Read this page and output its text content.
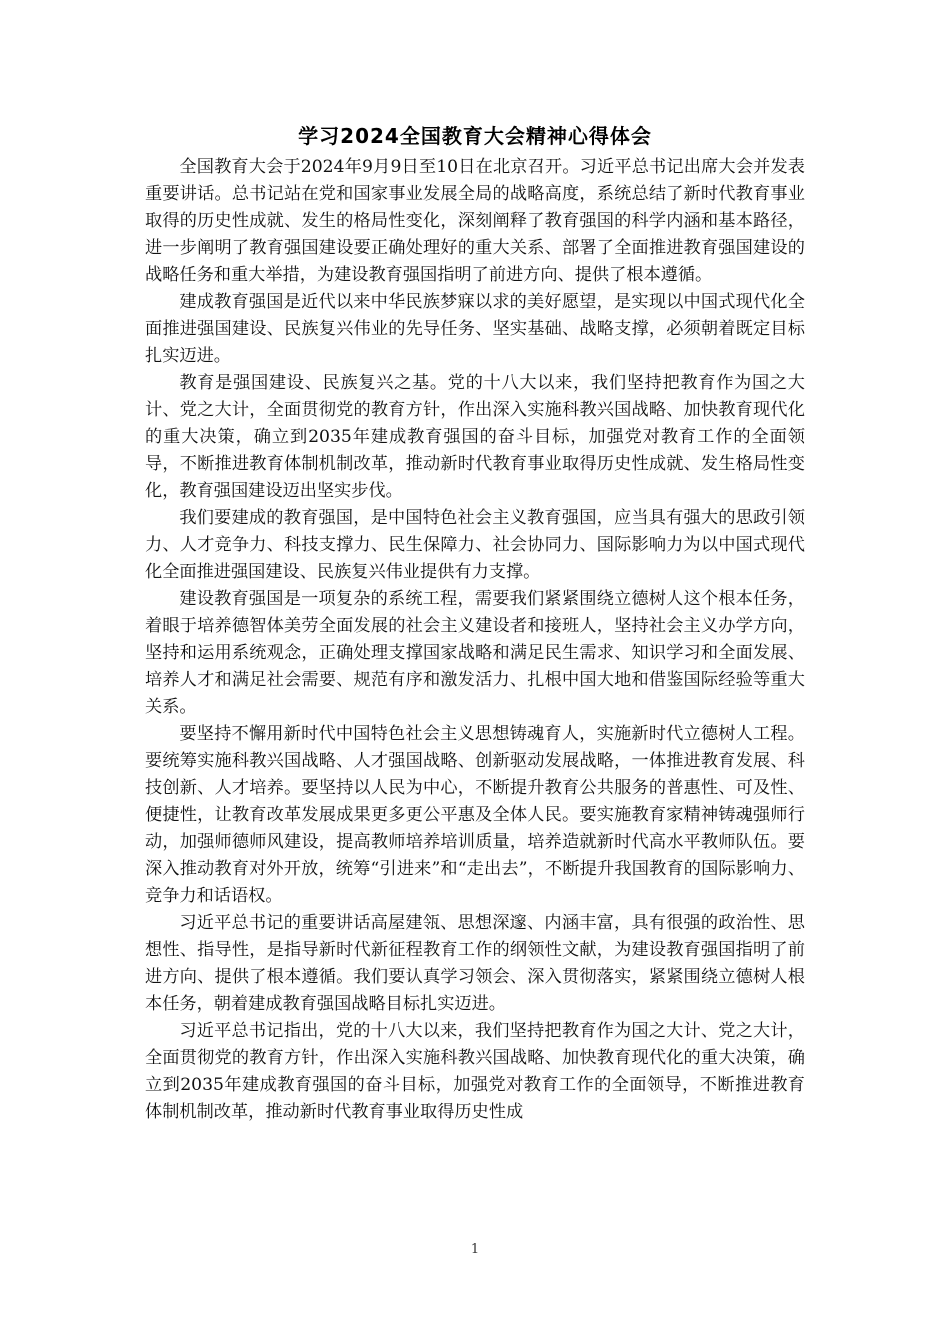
学习2024全国教育大会精神心得体会

全国教育大会于2024年9月9日至10日在北京召开。习近平总书记出席大会并发表重要讲话。总书记站在党和国家事业发展全局的战略高度，系统总结了新时代教育事业取得的历史性成就、发生的格局性变化，深刻阐释了教育强国的科学内涵和基本路径，进一步阐明了教育强国建设要正确处理好的重大关系、部署了全面推进教育强国建设的战略任务和重大举措，为建设教育强国指明了前进方向、提供了根本遵循。

建成教育强国是近代以来中华民族梦寐以求的美好愿望，是实现以中国式现代化全面推进强国建设、民族复兴伟业的先导任务、坚实基础、战略支撑，必须朝着既定目标扎实迈进。

教育是强国建设、民族复兴之基。党的十八大以来，我们坚持把教育作为国之大计、党之大计，全面贯彻党的教育方针，作出深入实施科教兴国战略、加快教育现代化的重大决策，确立到2035年建成教育强国的奋斗目标，加强党对教育工作的全面领导，不断推进教育体制机制改革，推动新时代教育事业取得历史性成就、发生格局性变化，教育强国建设迈出坚实步伐。

我们要建成的教育强国，是中国特色社会主义教育强国，应当具有强大的思政引领力、人才竞争力、科技支撑力、民生保障力、社会协同力、国际影响力为以中国式现代化全面推进强国建设、民族复兴伟业提供有力支撑。

建设教育强国是一项复杂的系统工程，需要我们紧紧围绕立德树人这个根本任务，着眼于培养德智体美劳全面发展的社会主义建设者和接班人，坚持社会主义办学方向，坚持和运用系统观念，正确处理支撑国家战略和满足民生需求、知识学习和全面发展、培养人才和满足社会需要、规范有序和激发活力、扎根中国大地和借鉴国际经验等重大关系。

要坚持不懈用新时代中国特色社会主义思想铸魂育人，实施新时代立德树人工程。要统筹实施科教兴国战略、人才强国战略、创新驱动发展战略，一体推进教育发展、科技创新、人才培养。要坚持以人民为中心，不断提升教育公共服务的普惠性、可及性、便捷性，让教育改革发展成果更多更公平惠及全体人民。要实施教育家精神铸魂强师行动，加强师德师风建设，提高教师培养培训质量，培养造就新时代高水平教师队伍。要深入推动教育对外开放，统筹“引进来”和“走出去”，不断提升我国教育的国际影响力、竞争力和话语权。

习近平总书记的重要讲话高屋建瓴、思想深邃、内涵丰富，具有很强的政治性、思想性、指导性，是指导新时代新征程教育工作的纲领性文献，为建设教育强国指明了前进方向、提供了根本遵循。我们要认真学习领会、深入贯彻落实，紧紧围绕立德树人根本任务，朝着建成教育强国战略目标扎实迈进。

习近平总书记指出，党的十八大以来，我们坚持把教育作为国之大计、党之大计，全面贯彻党的教育方针，作出深入实施科教兴国战略、加快教育现代化的重大决策，确立到2035年建成教育强国的奋斗目标，加强党对教育工作的全面领导，不断推进教育体制机制改革，推动新时代教育事业取得历史性成

1
